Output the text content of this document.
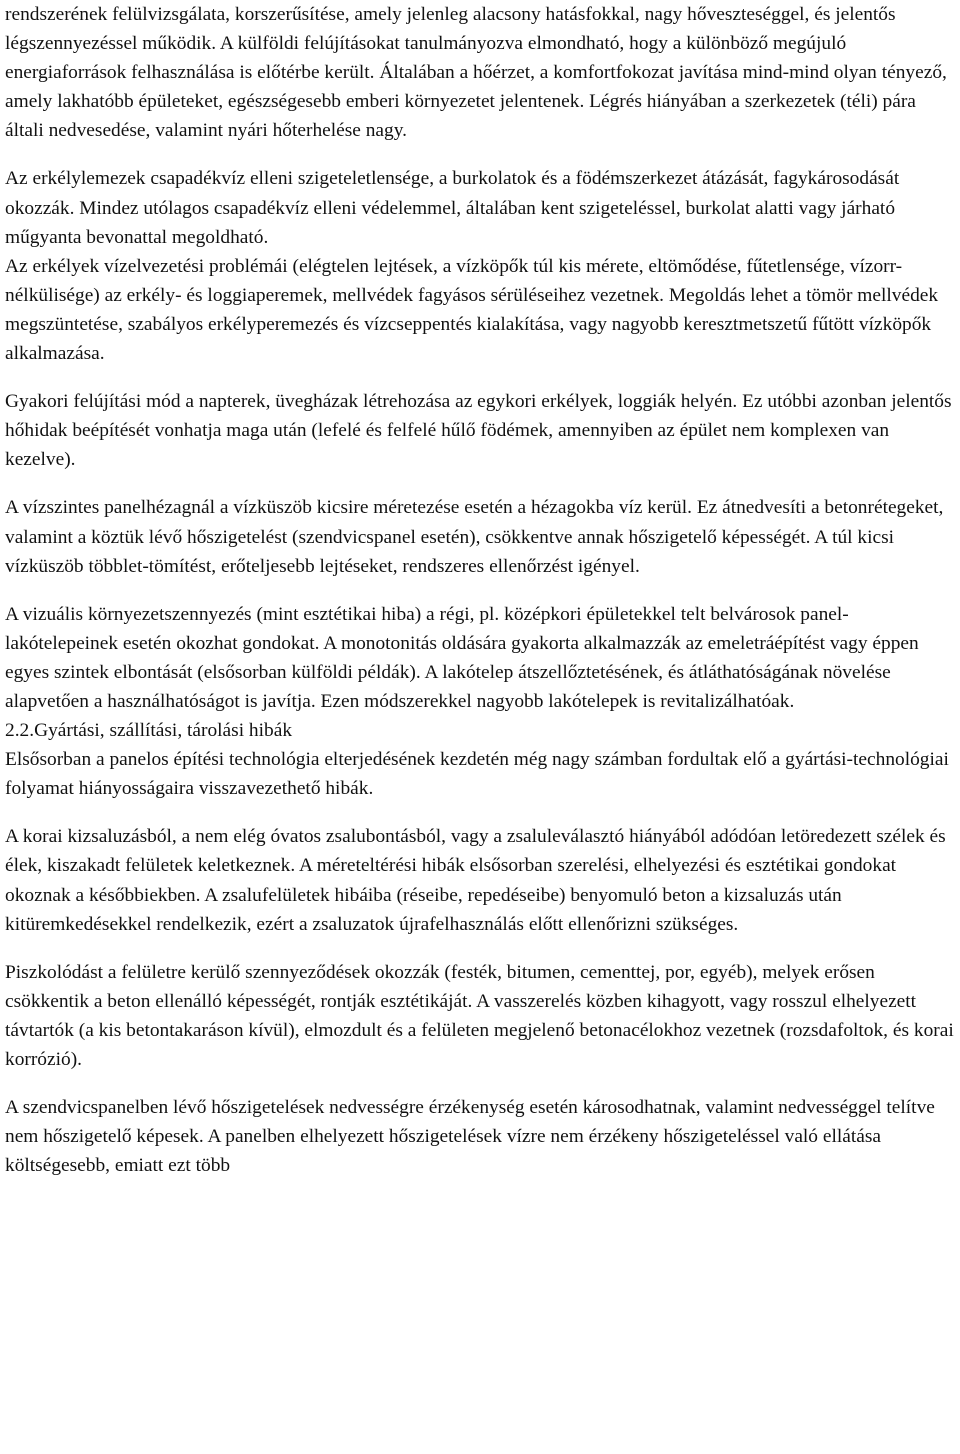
rendszerének felülvizsgálata, korszerűsítése, amely jelenleg alacsony hatásfokkal, nagy hőveszteséggel, és jelentős légszennyezéssel működik. A külföldi felújításokat tanulmányozva elmondható, hogy a különböző megújuló energiaforrások felhasználása is előtérbe került. Általában a hőérzet, a komfortfokozat javítása mind-mind olyan tényező, amely lakhatóbb épületeket, egészségesebb emberi környezetet jelentenek. Légrés hiányában a szerkezetek (téli) pára általi nedvesedése, valamint nyári hőterhelése nagy.

Az erkélylemezek csapadékvíz elleni szigeteletlensége, a burkolatok és a födémszerkezet átázását, fagykárosodását okozzák. Mindez utólagos csapadékvíz elleni védelemmel, általában kent szigeteléssel, burkolat alatti vagy járható műgyanta bevonattal megoldható.

Az erkélyek vízelvezetési problémái (elégtelen lejtések, a vízköpők túl kis mérete, eltömődése, fűtetlensége, vízorr-nélkülisége) az erkély- és loggiaperemek, mellvédek fagyásos sérüléseihez vezetnek. Megoldás lehet a tömör mellvédek megszüntetése, szabályos erkélyperemezés és vízcseppentés kialakítása, vagy nagyobb keresztmetszetű fűtött vízköpők alkalmazása.

Gyakori felújítási mód a napterek, üvegházak létrehozása az egykori erkélyek, loggiák helyén. Ez utóbbi azonban jelentős hőhidak beépítését vonhatja maga után (lefelé és felfelé hűlő födémek, amennyiben az épület nem komplexen van kezelve).

A vízszintes panelhézagnál a vízküszöb kicsire méretezése esetén a hézagokba víz kerül. Ez átnedvesíti a betonrétegeket, valamint a köztük lévő hőszigetelést (szendvicspanel esetén), csökkentve annak hőszigetelő képességét. A túl kicsi vízküszöb többlet-tömítést, erőteljesebb lejtéseket, rendszeres ellenőrzést igényel.

A vizuális környezetszennyezés (mint esztétikai hiba) a régi, pl. középkori épületekkel telt belvárosok panel-lakótelepeinek esetén okozhat gondokat. A monotonitás oldására gyakorta alkalmazzák az emeletráépítést vagy éppen egyes szintek elbontását (elsősorban külföldi példák). A lakótelep átszellőztetésének, és átláthatóságának növelése alapvetően a használhatóságot is javítja. Ezen módszerekkel nagyobb lakótelepek is revitalizálhatóak.

2.2.Gyártási, szállítási, tárolási hibák

Elsősorban a panelos építési technológia elterjedésének kezdetén még nagy számban fordultak elő a gyártási-technológiai folyamat hiányosságaira visszavezethető hibák.

A korai kizsaluzásból, a nem elég óvatos zsalubontásból, vagy a zsaluleválasztó hiányából adódóan letöredezett szélek és élek, kiszakadt felületek keletkeznek. A méreteltérési hibák elsősorban szerelési, elhelyezési és esztétikai gondokat okoznak a későbbiekben. A zsalufelületek hibáiba (réseibe, repedéseibe) benyomuló beton a kizsaluzás után kitüremkedésekkel rendelkezik, ezért a zsaluzatok újrafelhasználás előtt ellenőrizni szükséges.

Piszkolódást a felületre kerülő szennyeződések okozzák (festék, bitumen, cementtej, por, egyéb), melyek erősen csökkentik a beton ellenálló képességét, rontják esztétikáját. A vasszerelés közben kihagyott, vagy rosszul elhelyezett távtartók (a kis betontakaráson kívül), elmozdult és a felületen megjelenő betonacélokhoz vezetnek (rozsdafoltok, és korai korrózió).

A szendvicspanelben lévő hőszigetelések nedvességre érzékenység esetén károsodhatnak, valamint nedvességgel telítve nem hőszigetelő képesek. A panelben elhelyezett hőszigetelések vízre nem érzékeny hőszigeteléssel való ellátása költségesebb, emiatt ezt több
